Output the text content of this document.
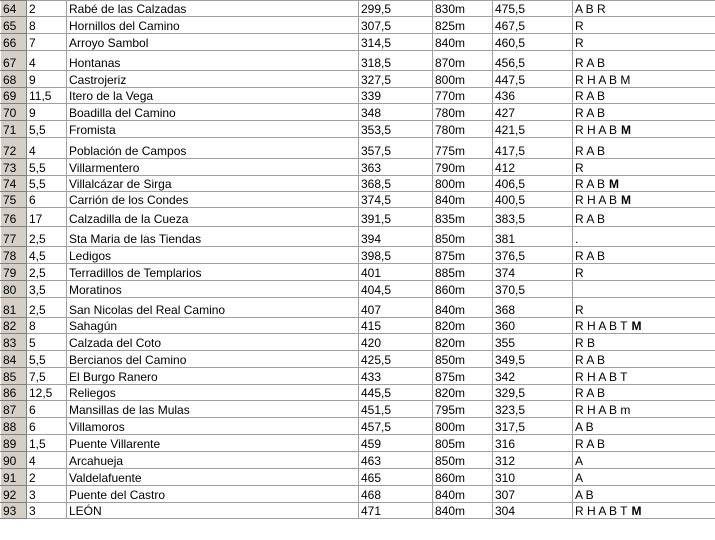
64	2	Rabé de las Calzadas	299,5	830m	475,5	A B R
65	8	Hornillos del Camino	307,5	825m	467,5	R
66	7	Arroyo Sambol	314,5	840m	460,5	R
67	4	Hontanas	318,5	870m	456,5	R A B
68	9	Castrojeriz	327,5	800m	447,5	R H A B M
69	11,5	Itero de la Vega	339	770m	436	R A B
70	9	Boadilla del Camino	348	780m	427	R A B
71	5,5	Fromista	353,5	780m	421,5	R H A B M
72	4	Población de Campos	357,5	775m	417,5	R A B
73	5,5	Villarmentero	363	790m	412	R
74	5,5	Villalcázar de Sirga	368,5	800m	406,5	R A B M
75	6	Carrión de los Condes	374,5	840m	400,5	R H A B M
76	17	Calzadilla de la Cueza	391,5	835m	383,5	R A B
77	2,5	Sta Maria de las Tiendas	394	850m	381	.
78	4,5	Ledigos	398,5	875m	376,5	R A B
79	2,5	Terradillos de Templarios	401	885m	374	R
80	3,5	Moratinos	404,5	860m	370,5	
81	2,5	San Nicolas del Real Camino	407	840m	368	R
82	8	Sahagún	415	820m	360	R H A B T M
83	5	Calzada del Coto	420	820m	355	R B
84	5,5	Bercianos del Camino	425,5	850m	349,5	R A B
85	7,5	El Burgo Ranero	433	875m	342	R H A B T
86	12,5	Reliegos	445,5	820m	329,5	R A B
87	6	Mansillas de las Mulas	451,5	795m	323,5	R H A B m
88	6	Villamoros	457,5	800m	317,5	A B
89	1,5	Puente Villarente	459	805m	316	R A B
90	4	Arcahueja	463	850m	312	A
91	2	Valdelafuente	465	860m	310	A
92	3	Puente del Castro	468	840m	307	A B
93	3	LEÓN	471	840m	304	R H A B T M
